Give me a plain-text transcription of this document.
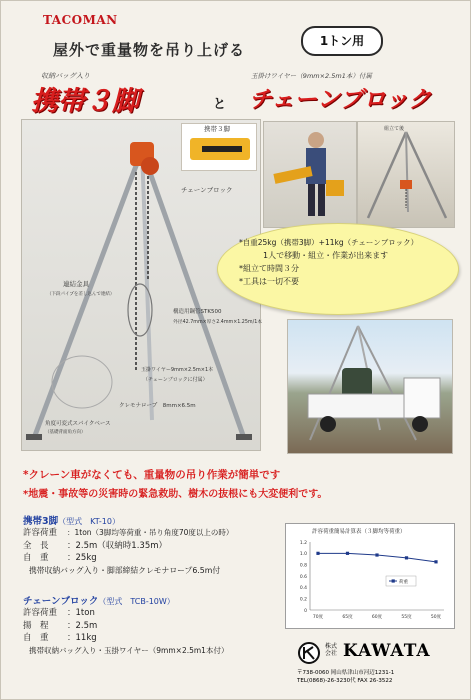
TACOMAN
1トン用
屋外で重量物を吊り上げる
収納バッグ入り	玉掛けワイヤー（9mm×2.5m1本）付属
携帯３脚	と チェーンブロック
携帯３脚
チェーンブロック
連結金具
（下段パイプを差し込んで連結）
構造用鋼管STK500
外径42.7mm×厚さ2.4mm×1.25m/1本
玉掛ワイヤー9mm×2.5m×1本
（チェーンブロックに付属）
クレモナロープ　8mm×6.5m
角度可変式スパイクベース
（基礎背面角方向）
組立て後
*自重25kg（携帯3脚）+11kg（チェーンブロック）
1人で移動・組立・作業が出来ます
*組立て時間３分
*工具は一切不要
*クレーン車がなくても、重量物の吊り作業が簡単です
*地震・事故等の災害時の緊急救助、樹木の抜根にも大変便利です。
携帯3脚（型式　KT-10）
許容荷重 ：1ton（3脚均等荷重・吊り角度70度以上の時）
全　長 ：2.5m（収納時1.35m）
自　重 ：25kg
携帯収納バッグ入り・脚部締結クレモナロープ6.5m付
チェーンブロック（型式　TCB-10W）
許容荷重 ：1ton
揚　程 ：2.5m
自　重 ：11kg
携帯収納バッグ入り・玉掛ワイヤー（9mm×2.5m1本付）
許容荷重簡易計算表（３脚均等荷重）
0
0.2
0.4
0.6
0.8
1.0
1.2
70度	65度	60度	55度	50度
荷重
株式会社 KAWATA
〒738-0060 岡山県津山市河辺1231-1
TEL(0868)-26-3230代 FAX 26-3522
